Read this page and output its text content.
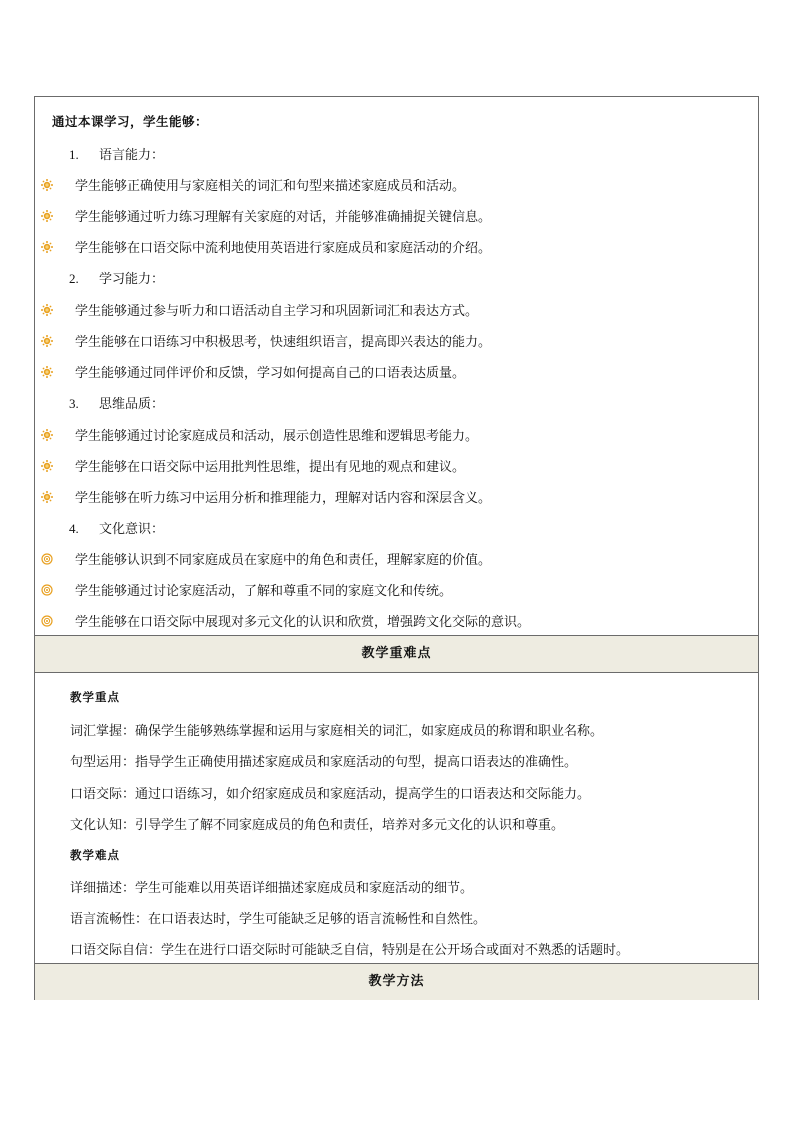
通过本课学习，学生能够：
1. 语言能力：
学生能够正确使用与家庭相关的词汇和句型来描述家庭成员和活动。
学生能够通过听力练习理解有关家庭的对话，并能够准确捕捉关键信息。
学生能够在口语交际中流利地使用英语进行家庭成员和家庭活动的介绍。
2. 学习能力：
学生能够通过参与听力和口语活动自主学习和巩固新词汇和表达方式。
学生能够在口语练习中积极思考，快速组织语言，提高即兴表达的能力。
学生能够通过同伴评价和反馈，学习如何提高自己的口语表达质量。
3. 思维品质：
学生能够通过讨论家庭成员和活动，展示创造性思维和逻辑思考能力。
学生能够在口语交际中运用批判性思维，提出有见地的观点和建议。
学生能够在听力练习中运用分析和推理能力，理解对话内容和深层含义。
4. 文化意识：
学生能够认识到不同家庭成员在家庭中的角色和责任，理解家庭的价值。
学生能够通过讨论家庭活动，了解和尊重不同的家庭文化和传统。
学生能够在口语交际中展现对多元文化的认识和欣赏，增强跨文化交际的意识。
教学重难点
教学重点
词汇掌握：确保学生能够熟练掌握和运用与家庭相关的词汇，如家庭成员的称谓和职业名称。
句型运用：指导学生正确使用描述家庭成员和家庭活动的句型，提高口语表达的准确性。
口语交际：通过口语练习，如介绍家庭成员和家庭活动，提高学生的口语表达和交际能力。
文化认知：引导学生了解不同家庭成员的角色和责任，培养对多元文化的认识和尊重。
教学难点
详细描述：学生可能难以用英语详细描述家庭成员和家庭活动的细节。
语言流畅性：在口语表达时，学生可能缺乏足够的语言流畅性和自然性。
口语交际自信：学生在进行口语交际时可能缺乏自信，特别是在公开场合或面对不熟悉的话题时。
教学方法
